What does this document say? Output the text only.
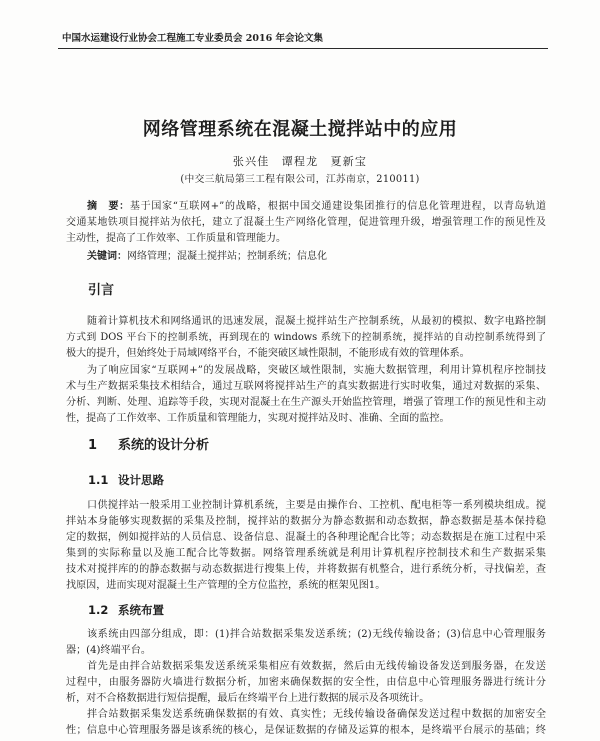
中国水运建设行业协会工程施工专业委员会 2016 年会论文集
网络管理系统在混凝土搅拌站中的应用
张兴佳　谭程龙　夏新宝
(中交三航局第三工程有限公司，江苏南京，210011)
摘　要：基于国家“互联网+”的战略，根据中国交通建设集团推行的信息化管理进程，以青岛轨道
交通某地铁项目搅拌站为依托，建立了混凝土生产网络化管理，促进管理升级，增强管理工作的预见性及
主动性，提高了工作效率、工作质量和管理能力。
关键词：网络管理；混凝土搅拌站；控制系统；信息化
引言
随着计算机技术和网络通讯的迅速发展，混凝土搅拌站生产控制系统，从最初的模拟、数字电路控制
方式到 DOS 平台下的控制系统，再到现在的 windows 系统下的控制系统，搅拌站的自动控制系统得到了
极大的提升，但始终处于局域网络平台，不能突破区域性限制，不能形成有效的管理体系。
为了响应国家“互联网+”的发展战略，突破区域性限制，实施大数据管理，利用计算机程序控制技
术与生产数据采集技术相结合，通过互联网将搅拌站生产的真实数据进行实时收集，通过对数据的采集、
分析、判断、处理、追踪等手段，实现对混凝土在生产源头开始监控管理，增强了管理工作的预见性和主动
性，提高了工作效率、工作质量和管理能力，实现对搅拌站及时、准确、全面的监控。
1 系统的设计分析
1.1 设计思路
口供搅拌站一般采用工业控制计算机系统，主要是由操作台、工控机、配电柜等一系列模块组成。搅
拌站本身能够实现数据的采集及控制，搅拌站的数据分为静态数据和动态数据，静态数据是基本保持稳
定的数据，例如搅拌站的人员信息、设备信息、混凝土的各种理论配合比等；动态数据是在施工过程中采
集到的实际称量以及施工配合比等数据。网络管理系统就是利用计算机程序控制技术和生产数据采集
技术对搅拌库的的静态数据与动态数据进行搜集上传，并将数据有机整合，进行系统分析，寻找偏差，查
找原因，进而实现对混凝土生产管理的全方位监控，系统的框架见图1。
1.2 系统布置
该系统由四部分组成，即：(1)拌合站数据采集发送系统；(2)无线传输设备；(3)信息中心管理服务
器；(4)终端平台。
首先是由拌合站数据采集发送系统采集相应有效数据，然后由无线传输设备发送到服务器，在发送
过程中，由服务器防火墙进行数据分析，加密来确保数据的安全性，由信息中心管理服务器进行统计分
析，对不合格数据进行短信提醒，最后在终端平台上进行数据的展示及各项统计。
拌合站数据采集发送系统确保数据的有效、真实性；无线传输设备确保发送过程中数据的加密安全
性；信息中心管理服务器是该系统的核心，是保证数据的存储及运算的根本，是终端平台展示的基础；终
